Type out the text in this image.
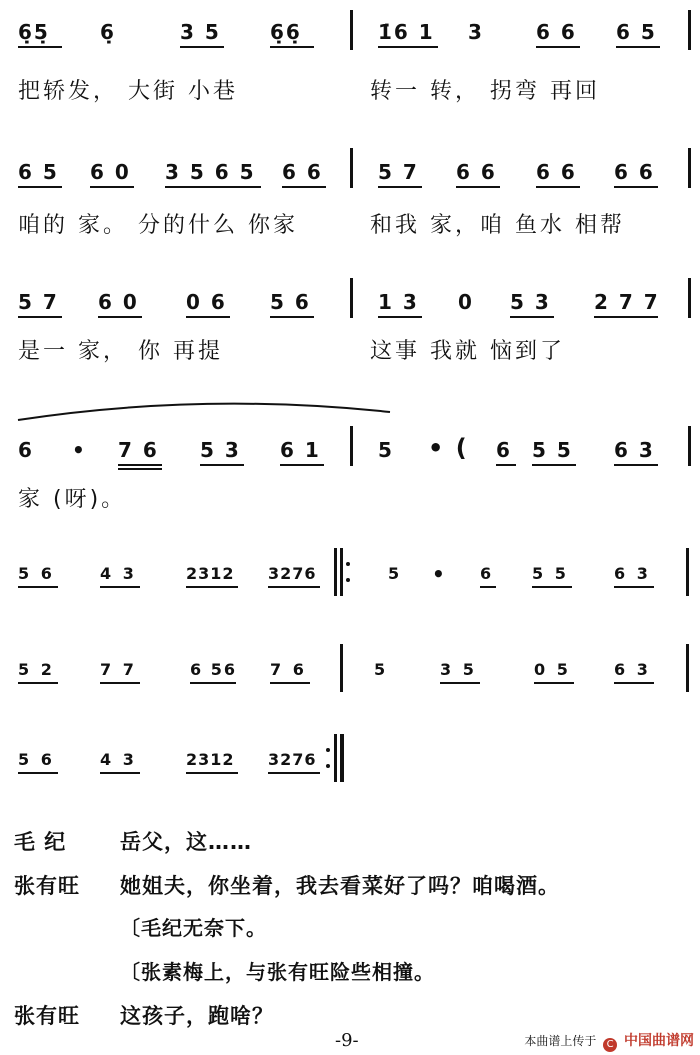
6̣5̣	6̣	3 5 6̣6̣	1̇6 1 3	6 6 6 5
把轿发， 大街 小巷	转一 转， 拐弯 再回
6 5 6 0 3 5 6 5 6 6	5 7 6 6 6 6 6 6
咱的 家。 分的什么 你家	和我 家，咱 鱼水 相帮
5 7 6 0 0 6 5 6	1 3 0 5 3 2 7 7
是一 家， 你 再提	这事 我就 恼到了
6 • 7 6 5 3 6 1	5 • ( 6 5 5 6 3
家 (呀)。
5 6	4 3	2312 3276	5 • 6 5 5	6 3
5 2	7 7	6 56 7 6	5	3 5	0 5	6 3
5 6	4 3	2312 3276
毛 纪	岳父，这……
张有旺 她姐夫，你坐着，我去看菜好了吗？咱喝酒。
〔毛纪无奈下。
〔张素梅上，与张有旺险些相撞。
张有旺 这孩子，跑啥？
-9-	本曲谱上传于 C 中国曲谱网
